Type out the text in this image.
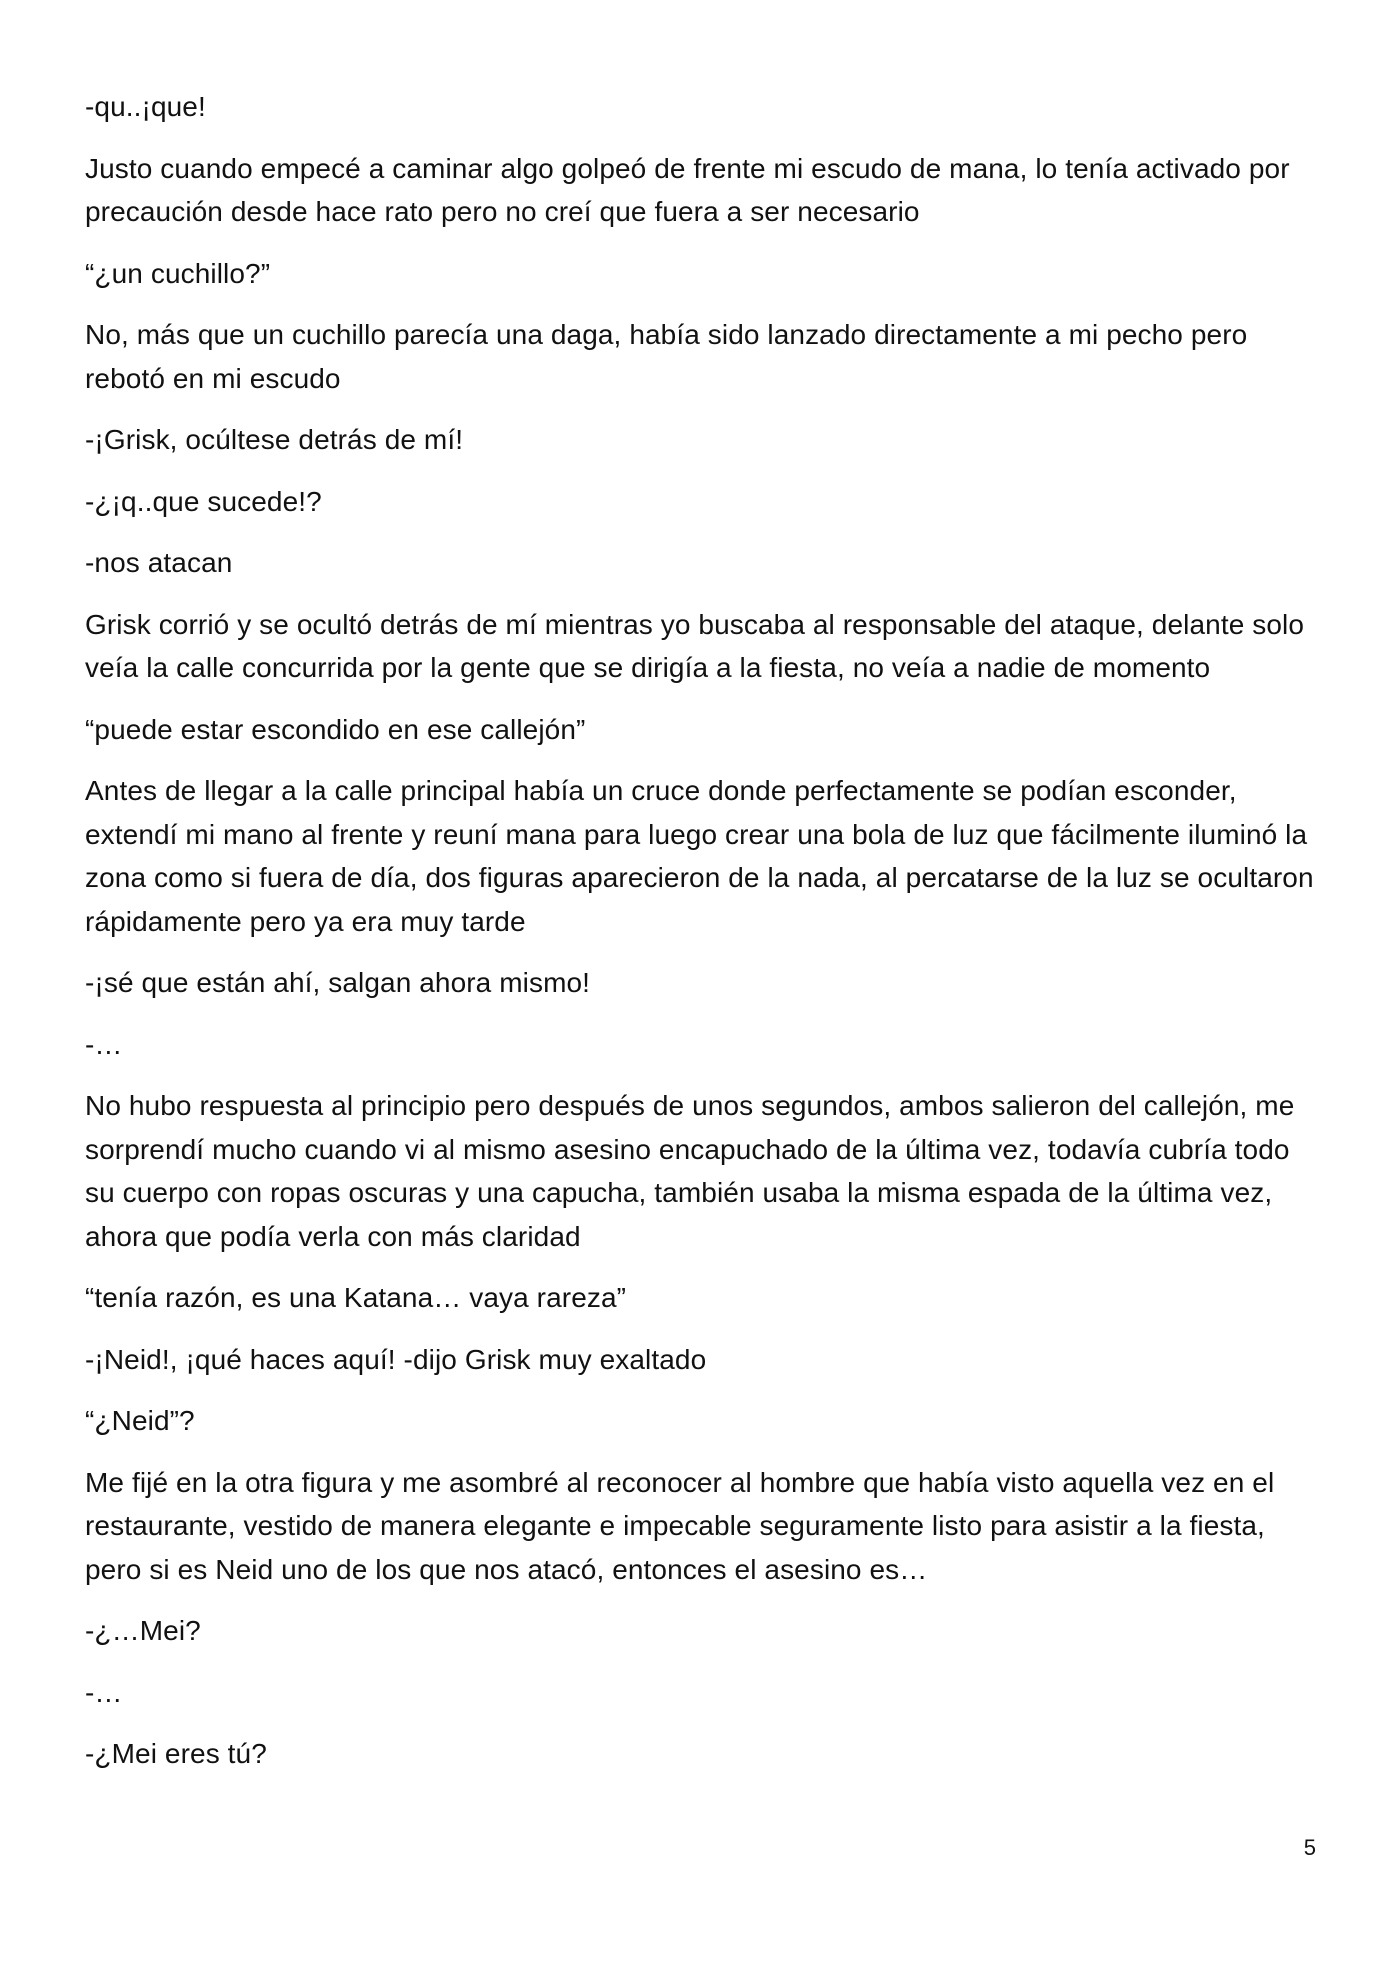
-qu..¡que!

Justo cuando empecé a caminar algo golpeó de frente mi escudo de mana, lo tenía activado por precaución desde hace rato pero no creí que fuera a ser necesario

“¿un cuchillo?”

No, más que un cuchillo parecía una daga, había sido lanzado directamente a mi pecho pero rebotó en mi escudo

-¡Grisk, ocúltese detrás de mí!

-¿¡q..que sucede!?

-nos atacan

Grisk corrió y se ocultó detrás de mí mientras yo buscaba al responsable del ataque, delante solo veía la calle concurrida por la gente que se dirigía a la fiesta, no veía a nadie de momento

“puede estar escondido en ese callejón”

Antes de llegar a la calle principal había un cruce donde perfectamente se podían esconder, extendí mi mano al frente y reuní mana para luego crear una bola de luz que fácilmente iluminó la zona como si fuera de día, dos figuras aparecieron de la nada, al percatarse de la luz se ocultaron rápidamente pero ya era muy tarde

-¡sé que están ahí, salgan ahora mismo!

-…

No hubo respuesta al principio pero después de unos segundos, ambos salieron del callejón, me sorprendí mucho cuando vi al mismo asesino encapuchado de la última vez, todavía cubría todo su cuerpo con ropas oscuras y una capucha, también usaba la misma espada de la última vez, ahora que podía verla con más claridad

“tenía razón, es una Katana… vaya rareza”

-¡Neid!, ¡qué haces aquí! -dijo Grisk muy exaltado

“¿Neid”?

Me fijé en la otra figura y me asombré al reconocer al hombre que había visto aquella vez en el restaurante, vestido de manera elegante e impecable seguramente listo para asistir a la fiesta, pero si es Neid uno de los que nos atacó, entonces el asesino es…

-¿…Mei?

-…

-¿Mei eres tú?

5
